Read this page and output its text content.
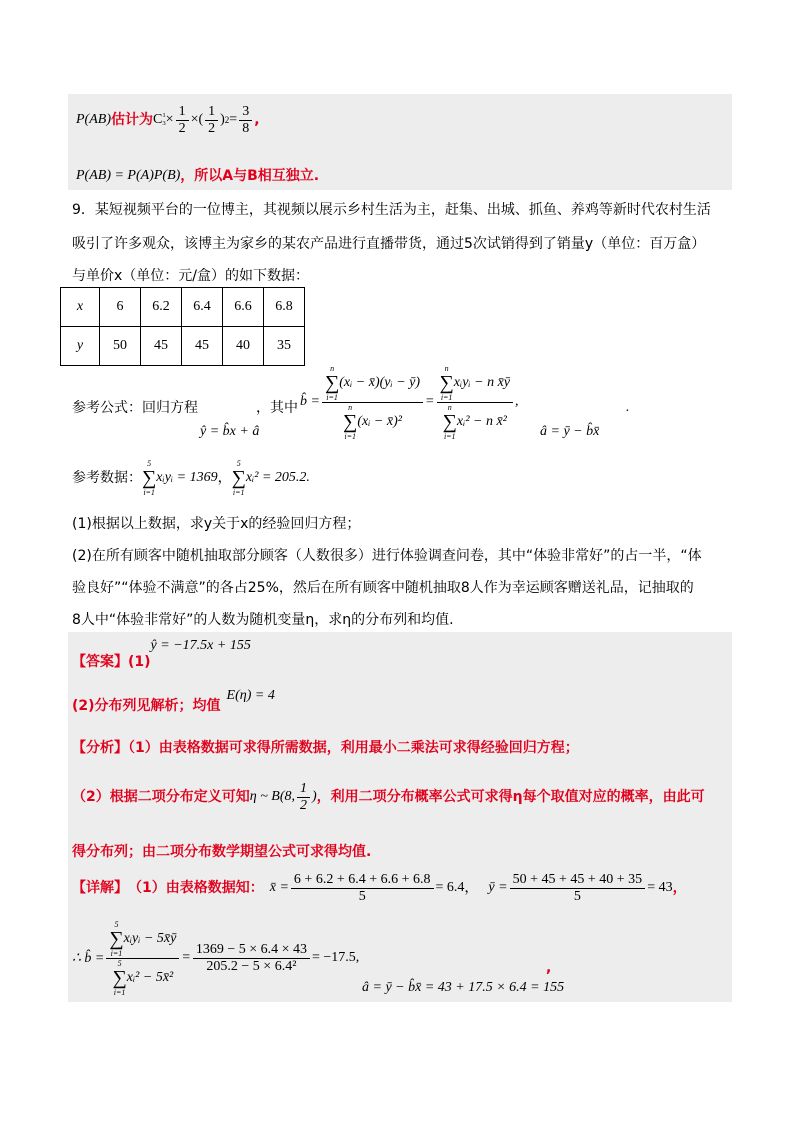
P(AB) 估计为 C 1
$3 \times \frac{1}{2}$ ×( $\frac{1}{2}$ ) $2 = \frac{3}{8}$ ,
P(AB) = P(A)P(B) ，所以A与B相互独立.
9．某短视频平台的一位博主，其视频以展示乡村生活为主，赶集、出城、抓鱼、养鸡等新时代农村生活
吸引了许多观众，该博主为家乡的某农产品进行直播带货，通过5次试销得到了销量y（单位：百万盒）
与单价x（单位：元/盒）的如下数据：
x	6	6.2	6.4	6.6	6.8
y	50	45	45	40	35
参考公式：回归方程
ŷ = b̂x + â
，其中 b̂ = n
∑
i=1
(xᵢ − x̄)(yᵢ − ȳ)
n
∑
i=1
(xᵢ − x̄)² = n
∑
i=1
xᵢyᵢ − n x̄ȳ
n
∑
i=1
xᵢ² − n x̄² ,
â = ȳ − b̂x̄
.
参考数据：
5
∑
i=1
xᵢyᵢ = 1369 ，
5
∑
i=1
xᵢ² = 205.2 .
(1)根据以上数据，求y关于x的经验回归方程；
(2)在所有顾客中随机抽取部分顾客（人数很多）进行体验调查问卷，其中“体验非常好”的占一半，“体
验良好”“体验不满意”的各占25%，然后在所有顾客中随机抽取8人作为幸运顾客赠送礼品，记抽取的
8人中“体验非常好”的人数为随机变量η，求η的分布列和均值.
【答案】(1)
ŷ = −17.5x + 155
(2)分布列见解析；均值
E(η) = 4
【分析】（1）由表格数据可求得所需数据，利用最小二乘法可求得经验回归方程；
（2）根据二项分布定义可知 η ~ B(8, $\frac{1}{2}$ ) ，利用二项分布概率公式可求得η每个取值对应的概率，由此可
得分布列；由二项分布数学期望公式可求得均值.
【详解】 （1）由表格数据知： x̄ = $\frac{6 + 6.2 + 6.4 + 6.6 + 6.8}{5} = 6.4$ ， ȳ = $\frac{50 + 45 + 45 + 40 + 35}{5} = 43$ ，
∴ b̂ = 5
∑
i=1
xᵢyᵢ − 5x̄ȳ
5
∑
i=1
xᵢ² − 5x̄² = $\frac{1369 - 5 \times 6.4 \times 43}{\text{205.2 − 5 × 6.4²}} = -17.5$ ,
,
â = ȳ − b̂x̄ = 43 + 17.5 × 6.4 = 155
